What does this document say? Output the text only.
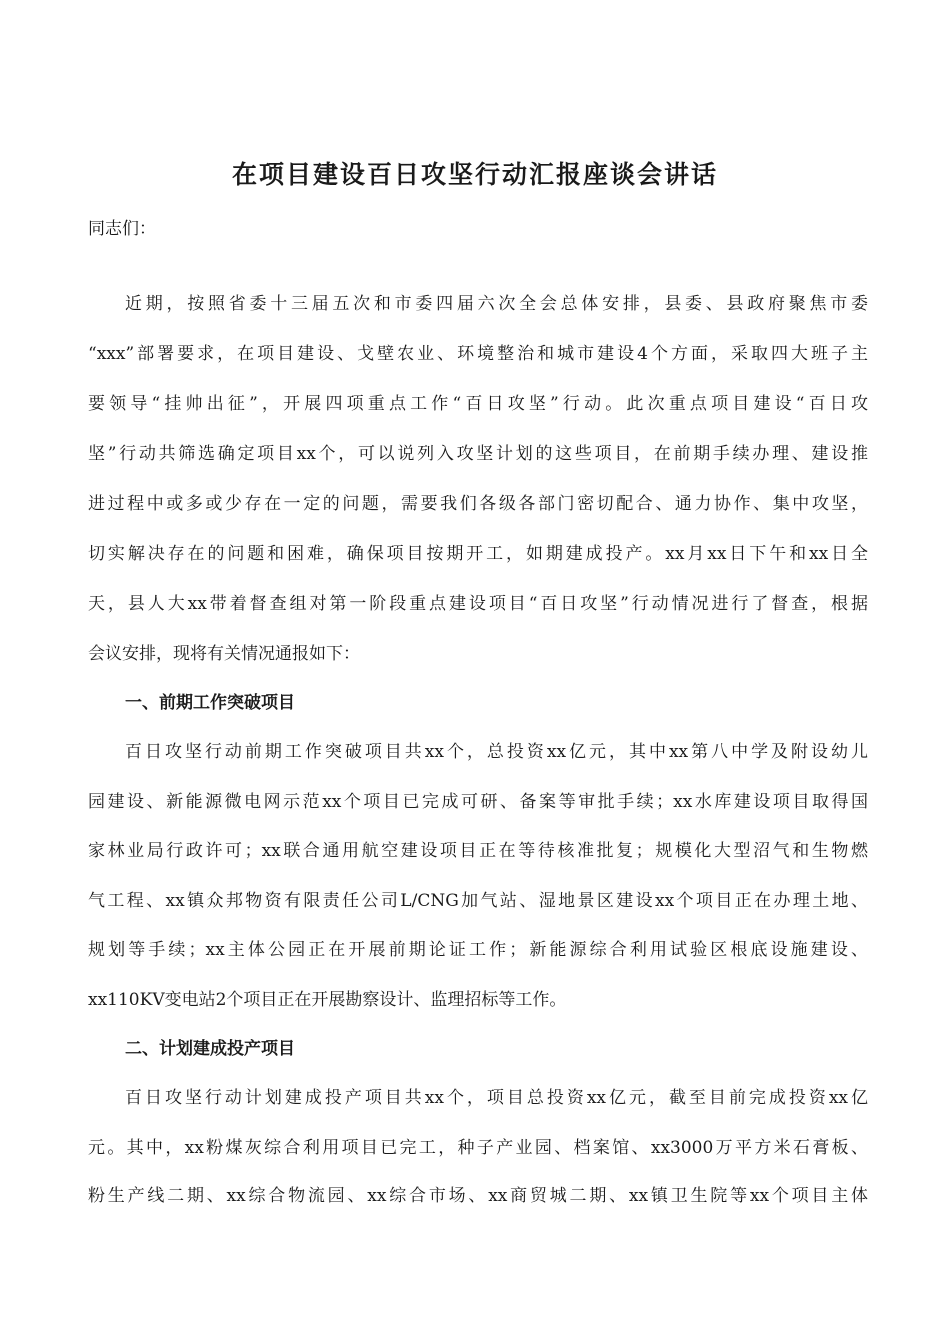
在项目建设百日攻坚行动汇报座谈会讲话
同志们：
近期，按照省委十三届五次和市委四届六次全会总体安排，县委、县政府聚焦市委
“xxx”部署要求，在项目建设、戈壁农业、环境整治和城市建设4个方面，采取四大班子主
要领导“挂帅出征”，开展四项重点工作“百日攻坚”行动。此次重点项目建设“百日攻
坚”行动共筛选确定项目xx个，可以说列入攻坚计划的这些项目，在前期手续办理、建设推
进过程中或多或少存在一定的问题，需要我们各级各部门密切配合、通力协作、集中攻坚，
切实解决存在的问题和困难，确保项目按期开工，如期建成投产。xx月xx日下午和xx日全
天，县人大xx带着督查组对第一阶段重点建设项目“百日攻坚”行动情况进行了督查，根据
会议安排，现将有关情况通报如下：
一、前期工作突破项目
百日攻坚行动前期工作突破项目共xx个，总投资xx亿元，其中xx第八中学及附设幼儿
园建设、新能源微电网示范xx个项目已完成可研、备案等审批手续；xx水库建设项目取得国
家林业局行政许可；xx联合通用航空建设项目正在等待核准批复；规模化大型沼气和生物燃
气工程、xx镇众邦物资有限责任公司L/CNG加气站、湿地景区建设xx个项目正在办理土地、
规划等手续；xx主体公园正在开展前期论证工作；新能源综合利用试验区根底设施建设、
xx110KV变电站2个项目正在开展勘察设计、监理招标等工作。
二、计划建成投产项目
百日攻坚行动计划建成投产项目共xx个，项目总投资xx亿元，截至目前完成投资xx亿
元。其中，xx粉煤灰综合利用项目已完工，种子产业园、档案馆、xx3000万平方米石膏板、
粉生产线二期、xx综合物流园、xx综合市场、xx商贸城二期、xx镇卫生院等xx个项目主体
